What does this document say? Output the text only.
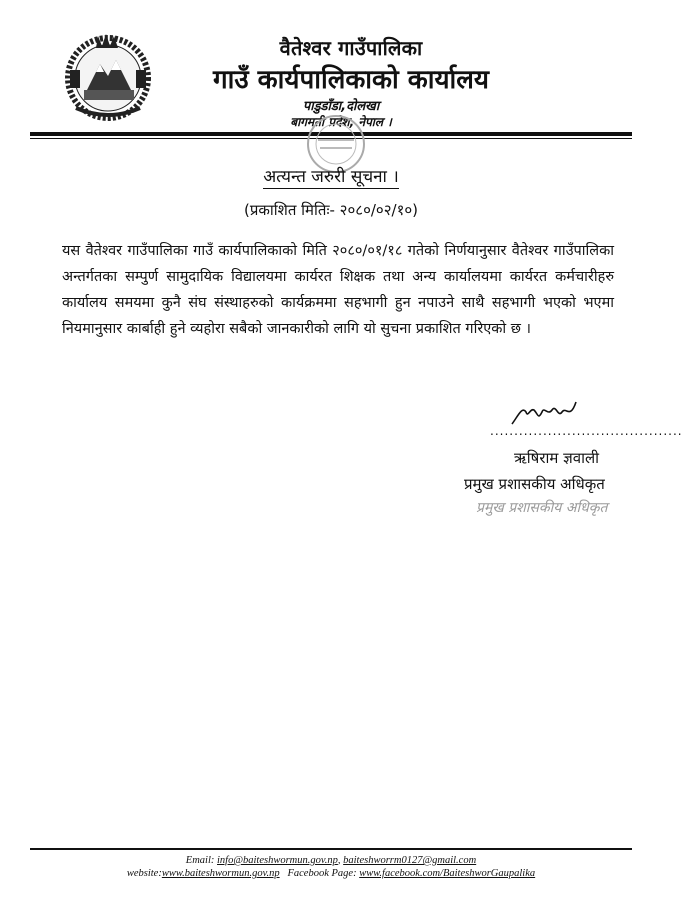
वैतेश्वर गाउँपालिका
गाउँ कार्यपालिकाको कार्यालय
पाडुडाँडा,दोलखा
बागमती प्रदेश, नेपाल ।
अत्यन्त जरुरी सूचना ।
(प्रकाशित मितिः- २०८०/०२/१०)
यस वैतेश्वर गाउँपालिका गाउँ कार्यपालिकाको मिति २०८०/०१/१८ गतेको निर्णयानुसार वैतेश्वर गाउँपालिका अन्तर्गतका सम्पुर्ण सामुदायिक विद्यालयमा कार्यरत शिक्षक तथा अन्य कार्यालयमा कार्यरत कर्मचारीहरु कार्यालय समयमा कुनै संघ संस्थाहरुको कार्यक्रममा सहभागी हुन नपाउने साथै सहभागी भएको भएमा नियमानुसार कार्बाही हुने व्यहोरा सबैको जानकारीको लागि यो सुचना प्रकाशित गरिएको छ ।
........................................
ऋषिराम ज्ञवाली
प्रमुख प्रशासकीय अधिकृत
प्रमुख प्रशासकीय अधिकृत
Email: info@baiteshwormun.gov.np, baiteshworrm0127@gmail.com
website:www.baiteshwormun.gov.np Facebook Page: www.facebook.com/BaiteshworGaupalika
